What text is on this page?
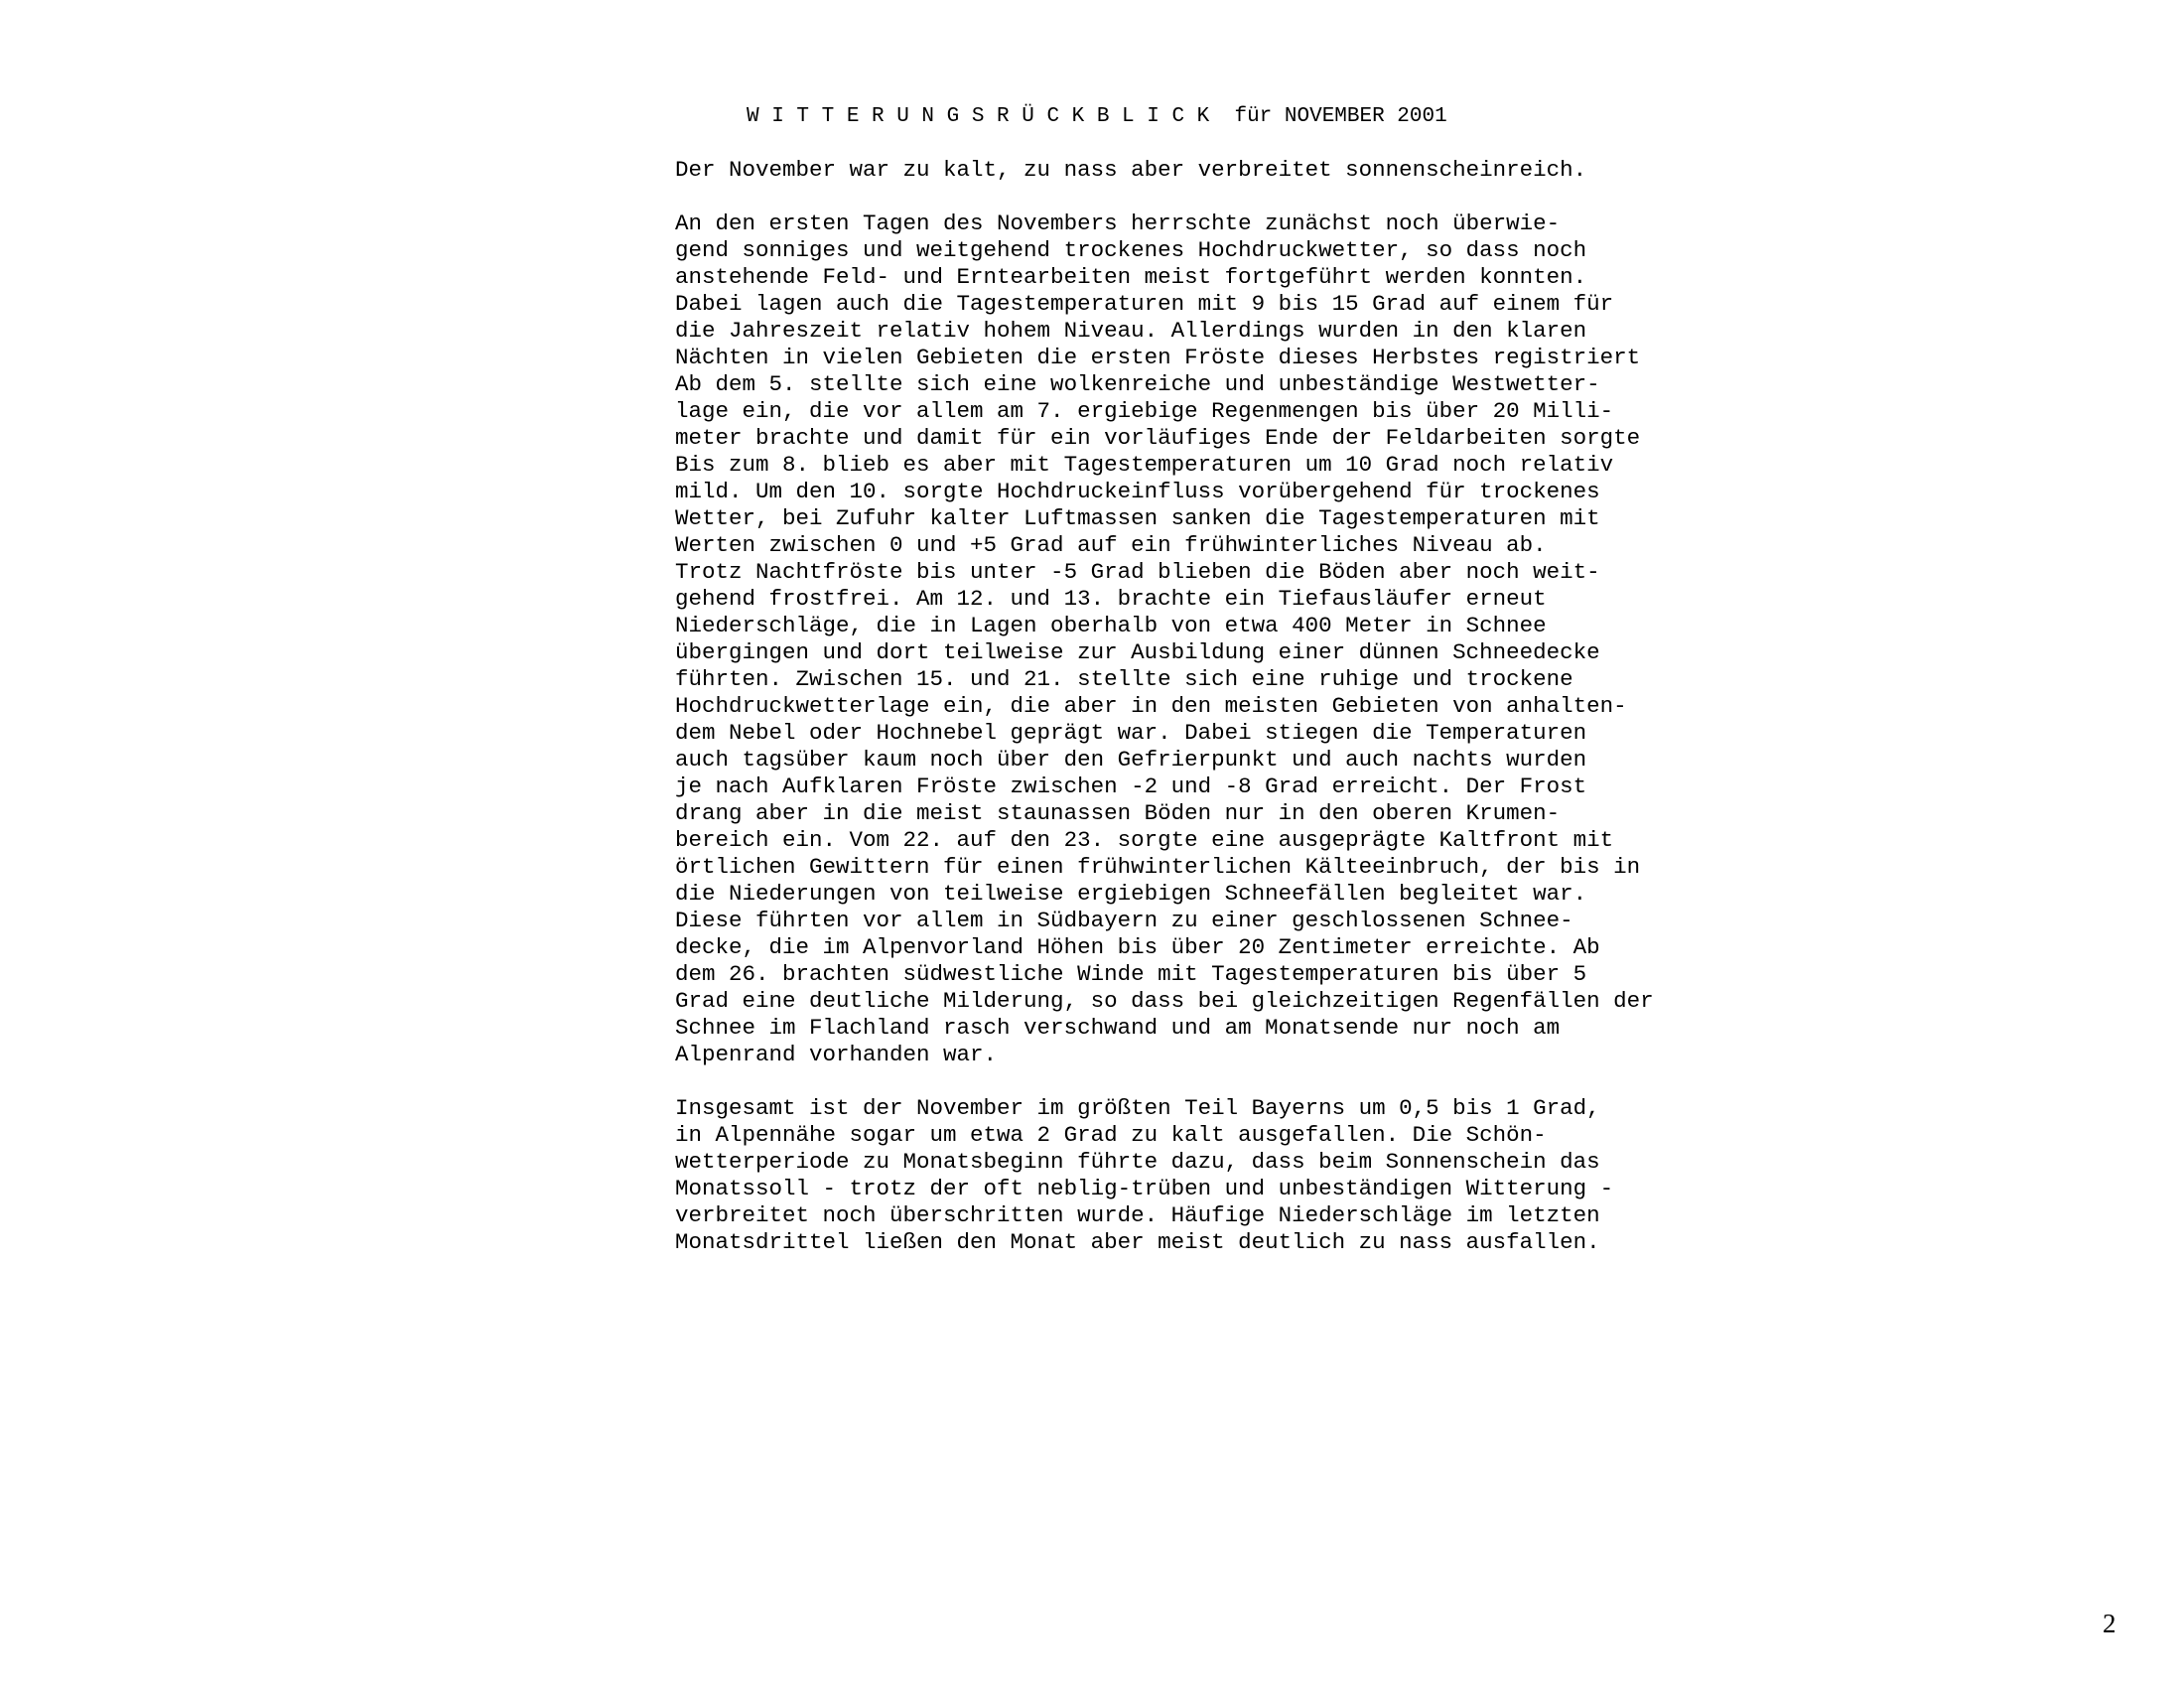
W I T T E R U N G S R Ü C K B L I C K  für NOVEMBER 2001

Der November war zu kalt, zu nass aber verbreitet sonnenscheinreich.

An den ersten Tagen des Novembers herrschte zunächst noch überwie-
gend sonniges und weitgehend trockenes Hochdruckwetter, so dass noch
anstehende Feld- und Erntearbeiten meist fortgeführt werden konnten.
Dabei lagen auch die Tagestemperaturen mit 9 bis 15 Grad auf einem für
die Jahreszeit relativ hohem Niveau. Allerdings wurden in den klaren
Nächten in vielen Gebieten die ersten Fröste dieses Herbstes registriert
Ab dem 5. stellte sich eine wolkenreiche und unbeständige Westwetter-
lage ein, die vor allem am 7. ergiebige Regenmengen bis über 20 Milli-
meter brachte und damit für ein vorläufiges Ende der Feldarbeiten sorgte
Bis zum 8. blieb es aber mit Tagestemperaturen um 10 Grad noch relativ
mild. Um den 10. sorgte Hochdruckeinfluss vorübergehend für trockenes
Wetter, bei Zufuhr kalter Luftmassen sanken die Tagestemperaturen mit
Werten zwischen 0 und +5 Grad auf ein frühwinterliches Niveau ab.
Trotz Nachtfröste bis unter -5 Grad blieben die Böden aber noch weit-
gehend frostfrei. Am 12. und 13. brachte ein Tiefausläufer erneut
Niederschläge, die in Lagen oberhalb von etwa 400 Meter in Schnee
übergingen und dort teilweise zur Ausbildung einer dünnen Schneedecke
führten. Zwischen 15. und 21. stellte sich eine ruhige und trockene
Hochdruckwetterlage ein, die aber in den meisten Gebieten von anhalten-
dem Nebel oder Hochnebel geprägt war. Dabei stiegen die Temperaturen
auch tagsüber kaum noch über den Gefrierpunkt und auch nachts wurden
je nach Aufklaren Fröste zwischen -2 und -8 Grad erreicht. Der Frost
drang aber in die meist staunassen Böden nur in den oberen Krumen-
bereich ein. Vom 22. auf den 23. sorgte eine ausgeprägte Kaltfront mit
örtlichen Gewittern für einen frühwinterlichen Kälteeinbruch, der bis in
die Niederungen von teilweise ergiebigen Schneefällen begleitet war.
Diese führten vor allem in Südbayern zu einer geschlossenen Schnee-
decke, die im Alpenvorland Höhen bis über 20 Zentimeter erreichte. Ab
dem 26. brachten südwestliche Winde mit Tagestemperaturen bis über 5
Grad eine deutliche Milderung, so dass bei gleichzeitigen Regenfällen der
Schnee im Flachland rasch verschwand und am Monatsende nur noch am
Alpenrand vorhanden war.

Insgesamt ist der November im größten Teil Bayerns um 0,5 bis 1 Grad,
in Alpennähe sogar um etwa 2 Grad zu kalt ausgefallen. Die Schön-
wetterperiode zu Monatsbeginn führte dazu, dass beim Sonnenschein das
Monatssoll - trotz der oft neblig-trüben und unbeständigen Witterung -
verbreitet noch überschritten wurde. Häufige Niederschläge im letzten
Monatsdrittel ließen den Monat aber meist deutlich zu nass ausfallen.

2
